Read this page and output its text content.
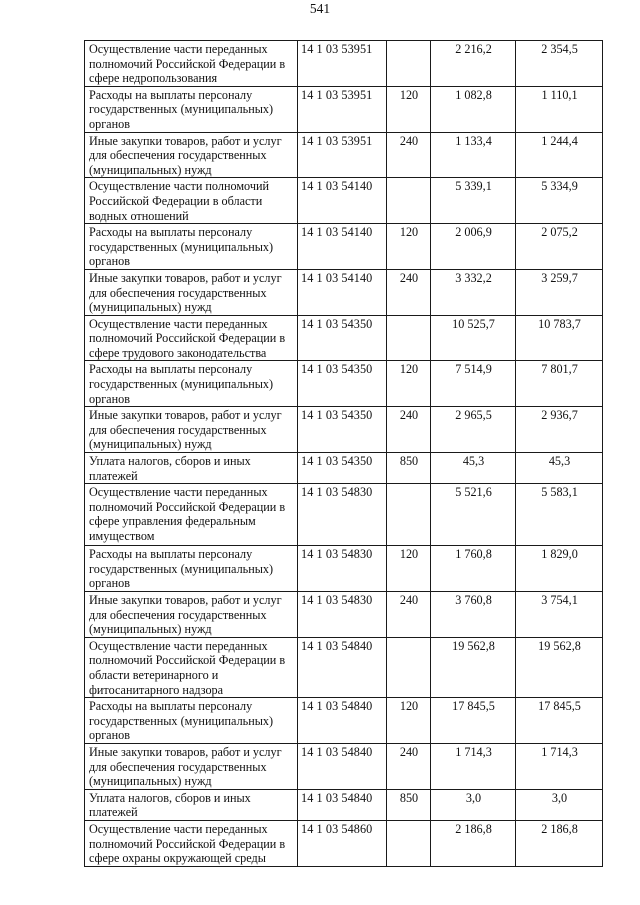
541
Осуществление части переданных полномочий Российской Федерации в сфере недропользования	14 1 03 53951		2 216,2	2 354,5
Расходы на выплаты персоналу государственных (муниципальных) органов	14 1 03 53951	120	1 082,8	1 110,1
Иные закупки товаров, работ и услуг для обеспечения государственных (муниципальных) нужд	14 1 03 53951	240	1 133,4	1 244,4
Осуществление части полномочий Российской Федерации в области водных отношений	14 1 03 54140		5 339,1	5 334,9
Расходы на выплаты персоналу государственных (муниципальных) органов	14 1 03 54140	120	2 006,9	2 075,2
Иные закупки товаров, работ и услуг для обеспечения государственных (муниципальных) нужд	14 1 03 54140	240	3 332,2	3 259,7
Осуществление части переданных полномочий Российской Федерации в сфере трудового законодательства	14 1 03 54350		10 525,7	10 783,7
Расходы на выплаты персоналу государственных (муниципальных) органов	14 1 03 54350	120	7 514,9	7 801,7
Иные закупки товаров, работ и услуг для обеспечения государственных (муниципальных) нужд	14 1 03 54350	240	2 965,5	2 936,7
Уплата налогов, сборов и иных платежей	14 1 03 54350	850	45,3	45,3
Осуществление части переданных полномочий Российской Федерации в сфере управления федеральным имуществом	14 1 03 54830		5 521,6	5 583,1
Расходы на выплаты персоналу государственных (муниципальных) органов	14 1 03 54830	120	1 760,8	1 829,0
Иные закупки товаров, работ и услуг для обеспечения государственных (муниципальных) нужд	14 1 03 54830	240	3 760,8	3 754,1
Осуществление части переданных полномочий Российской Федерации в области ветеринарного и фитосанитарного надзора	14 1 03 54840		19 562,8	19 562,8
Расходы на выплаты персоналу государственных (муниципальных) органов	14 1 03 54840	120	17 845,5	17 845,5
Иные закупки товаров, работ и услуг для обеспечения государственных (муниципальных) нужд	14 1 03 54840	240	1 714,3	1 714,3
Уплата налогов, сборов и иных платежей	14 1 03 54840	850	3,0	3,0
Осуществление части переданных полномочий Российской Федерации в сфере охраны окружающей среды	14 1 03 54860		2 186,8	2 186,8
